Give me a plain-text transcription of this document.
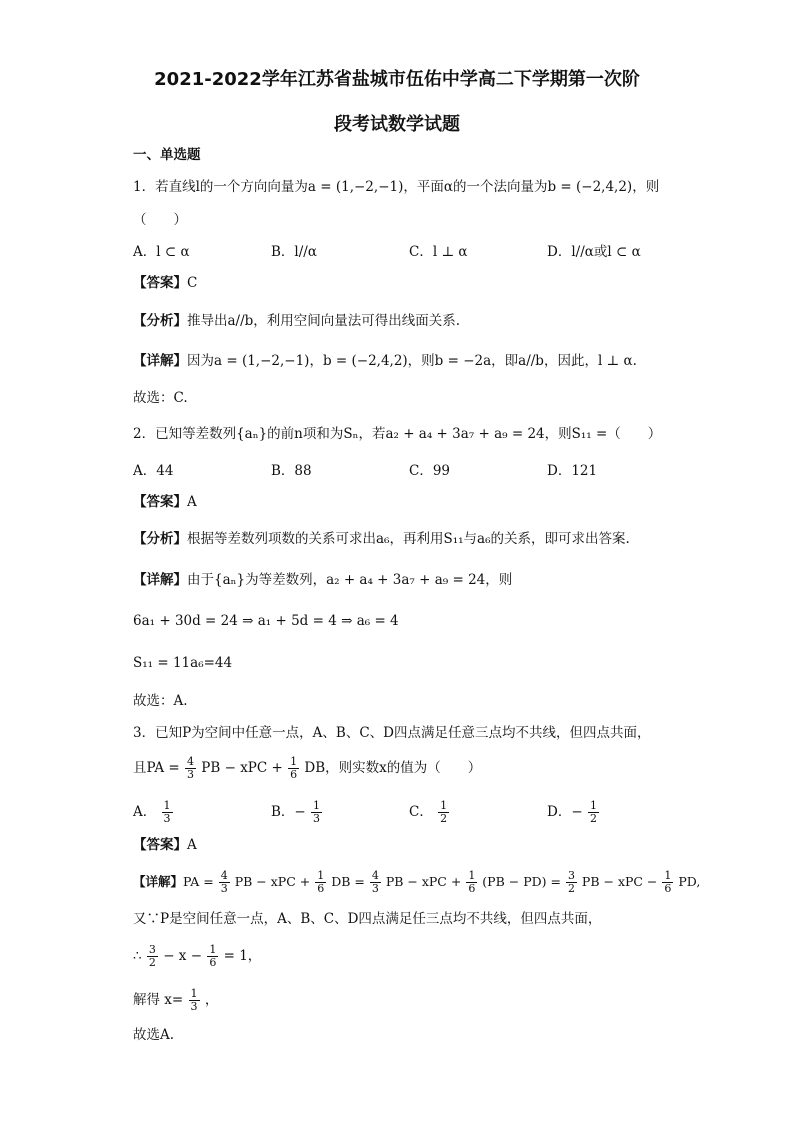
2021-2022学年江苏省盐城市伍佑中学高二下学期第一次阶
段考试数学试题
一、单选题
1．若直线l的一个方向向量为a = (1,−2,−1)，平面α的一个法向量为b = (−2,4,2)，则
（　　）
A．l ⊂ α	B．l//α	C．l ⊥ α	D．l//α或l ⊂ α
【答案】C
【分析】推导出a//b，利用空间向量法可得出线面关系.
【详解】因为a = (1,−2,−1)，b = (−2,4,2)，则b = −2a，即a//b，因此，l ⊥ α.
故选：C.
2．已知等差数列{aₙ}的前n项和为Sₙ，若a₂ + a₄ + 3a₇ + a₉ = 24，则S₁₁ =（　　）
A．44	B．88	C．99	D．121
【答案】A
【分析】根据等差数列项数的关系可求出a₆，再利用S₁₁与a₆的关系，即可求出答案.
【详解】由于{aₙ}为等差数列，a₂ + a₄ + 3a₇ + a₉ = 24，则
6a₁ + 30d = 24 ⇒ a₁ + 5d = 4 ⇒ a₆ = 4
S₁₁ = 11a₆=44
故选：A.
3．已知P为空间中任意一点，A、B、C、D四点满足任意三点均不共线，但四点共面，
且PA = $\frac{4}{3}$ PB − xPC + $\frac{1}{6}$ DB，则实数x的值为（　　）
A． $\frac{1}{3}$	B．− $\frac{1}{3}$	C． $\frac{1}{2}$	D．− $\frac{1}{2}$
【答案】A
【详解】PA = $\frac{4}{3}$ PB − xPC + $\frac{1}{6}$ DB = $\frac{4}{3}$ PB − xPC + $\frac{1}{6} (PB - PD) = \frac{3}{2}$ PB − xPC − $\frac{1}{6}$ PD,
又∵P是空间任意一点，A、B、C、D四点满足任三点均不共线，但四点共面，
∴ $\frac{3}{2} - x - \frac{1}{6} = 1$，
解得 $x= \frac{1}{3}$ ，
故选A.
